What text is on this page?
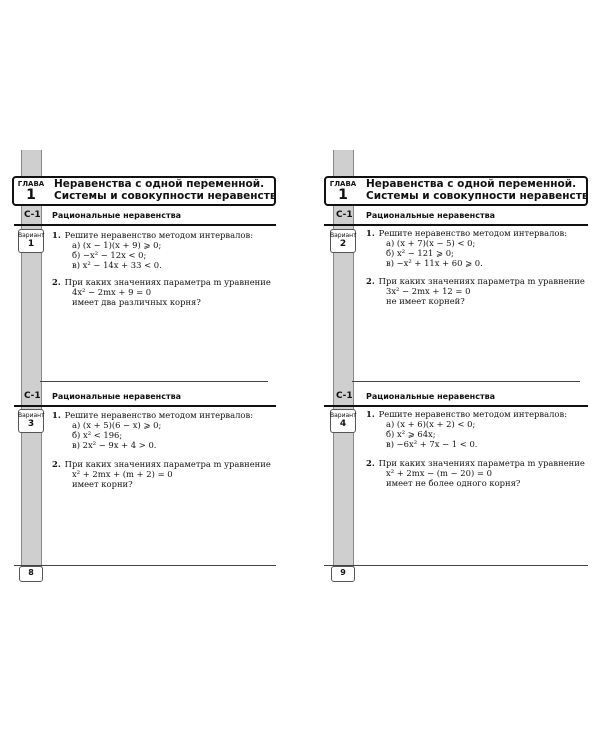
ГЛАВА
1
Неравенства с одной переменной.
Системы и совокупности неравенств
С-1 Рациональные неравенства
Вариант
1
1. Решите неравенство методом интервалов:
а) (x − 1)(x + 9) ⩾ 0;
б) −x² − 12x < 0;
в) x² − 14x + 33 < 0.
2. При каких значениях параметра m уравнение
4x² − 2mx + 9 = 0
имеет два различных корня?
С-1 Рациональные неравенства
Вариант
3
1. Решите неравенство методом интервалов:
а) (x + 5)(6 − x) ⩾ 0;
б) x² < 196;
в) 2x² − 9x + 4 > 0.
2. При каких значениях параметра m уравнение
x² + 2mx + (m + 2) = 0
имеет корни?
8
ГЛАВА
1
Неравенства с одной переменной.
Системы и совокупности неравенств
С-1 Рациональные неравенства
Вариант
2
1. Решите неравенство методом интервалов:
а) (x + 7)(x − 5) < 0;
б) x² − 121 ⩾ 0;
в) −x² + 11x + 60 ⩾ 0.
2. При каких значениях параметра m уравнение
3x² − 2mx + 12 = 0
не имеет корней?
С-1 Рациональные неравенства
Вариант
4
1. Решите неравенство методом интервалов:
а) (x + 6)(x + 2) < 0;
б) x² ⩾ 64x;
в) −6x² + 7x − 1 < 0.
2. При каких значениях параметра m уравнение
x² + 2mx − (m − 20) = 0
имеет не более одного корня?
9
